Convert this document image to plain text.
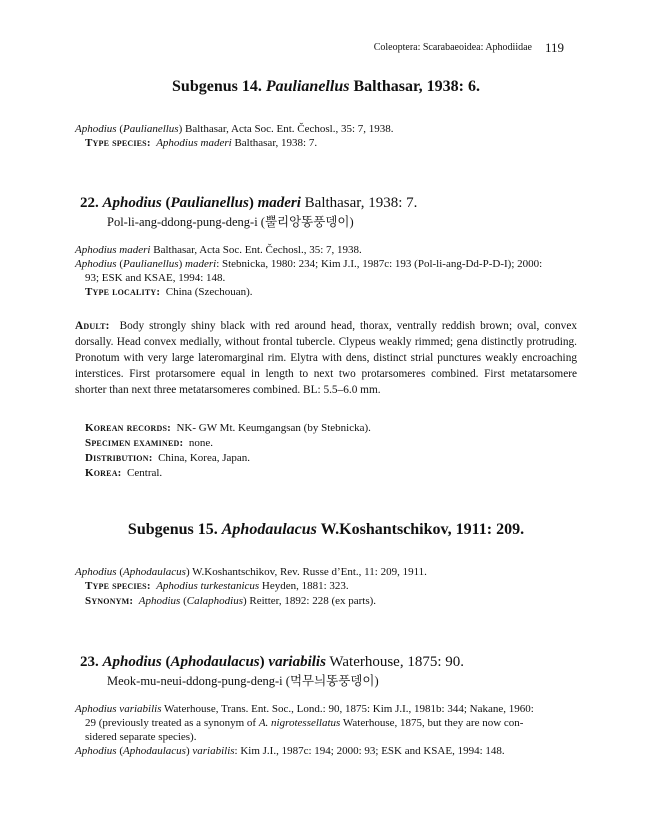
Coleoptera: Scarabaeoidea: Aphodiidae 119
Subgenus 14. Paulianellus Balthasar, 1938: 6.
Aphodius (Paulianellus) Balthasar, Acta Soc. Ent. Čechosl., 35: 7, 1938.
Type species: Aphodius maderi Balthasar, 1938: 7.
22. Aphodius (Paulianellus) maderi Balthasar, 1938: 7.
Pol-li-ang-ddong-pung-deng-i (뿔리앙똥풍뎅이)
Aphodius maderi Balthasar, Acta Soc. Ent. Čechosl., 35: 7, 1938.
Aphodius (Paulianellus) maderi: Stebnicka, 1980: 234; Kim J.I., 1987c: 193 (Pol-li-ang-Dd-P-D-I); 2000:
93; ESK and KSAE, 1994: 148.
Type locality: China (Szechouan).
Adult: Body strongly shiny black with red around head, thorax, ventrally reddish brown; oval, convex dorsally. Head convex medially, without frontal tubercle. Clypeus weakly rimmed; gena distinctly protruding. Pronotum with very large lateromarginal rim. Elytra with dens, distinct strial punctures weakly encroaching interstices. First protarsomere equal in length to next two protarsomeres combined. First metatarsomere shorter than next three metatarsomeres combined. BL: 5.5–6.0 mm.
Korean records: NK- GW Mt. Keumgangsan (by Stebnicka).
Specimen examined: none.
Distribution: China, Korea, Japan.
Korea: Central.
Subgenus 15. Aphodaulacus W.Koshantschikov, 1911: 209.
Aphodius (Aphodaulacus) W.Koshantschikov, Rev. Russe d’Ent., 11: 209, 1911.
Type species: Aphodius turkestanicus Heyden, 1881: 323.
Synonym: Aphodius (Calaphodius) Reitter, 1892: 228 (ex parts).
23. Aphodius (Aphodaulacus) variabilis Waterhouse, 1875: 90.
Meok-mu-neui-ddong-pung-deng-i (먹무늬똥풍뎅이)
Aphodius variabilis Waterhouse, Trans. Ent. Soc., Lond.: 90, 1875: Kim J.I., 1981b: 344; Nakane, 1960:
29 (previously treated as a synonym of A. nigrotessellatus Waterhouse, 1875, but they are now con-
sidered separate species).
Aphodius (Aphodaulacus) variabilis: Kim J.I., 1987c: 194; 2000: 93; ESK and KSAE, 1994: 148.
